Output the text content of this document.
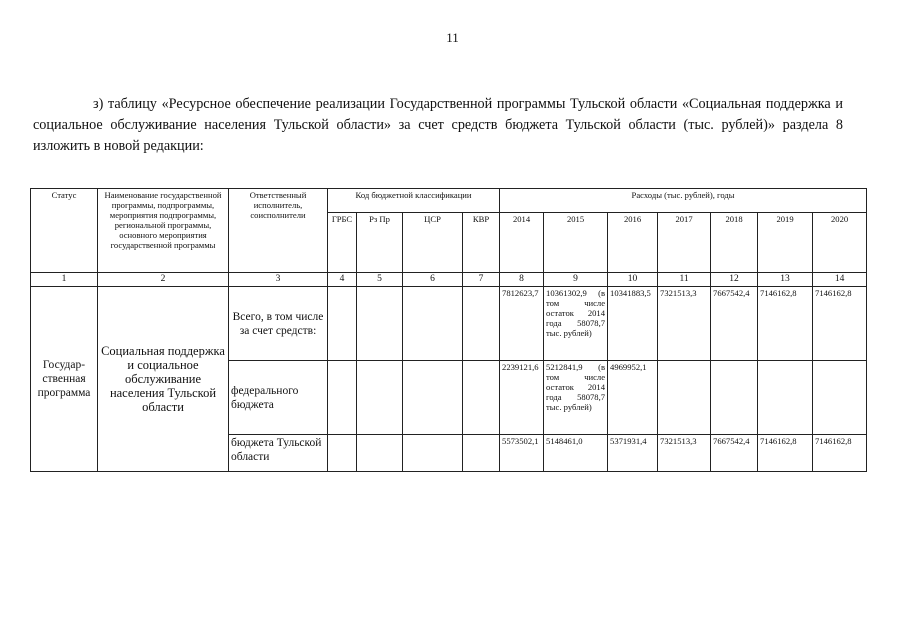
11

з) таблицу «Ресурсное обеспечение реализации Государственной программы Тульской области «Социальная поддержка и социальное обслуживание населения Тульской области» за счет средств бюджета Тульской области (тыс. рублей)» раздела 8 изложить в новой редакции:

Статус	Наименование государственной программы, подпрограммы, мероприятия подпрограммы, региональной программы, основного мероприятия государственной программы	Ответственный исполнитель, соисполнители	Код бюджетной классификации				Расходы (тыс. рублей), годы						
			ГРБС	Рз Пр	ЦСР	КВР	2014	2015	2016	2017	2018	2019	2020
1	2	3	4	5	6	7	8	9	10	11	12	13	14
Государ-ственная программа	Социальная поддержка и социальное обслуживание населения Тульской области	Всего, в том числе за счет средств:					7812623,7	10361302,9 (в том числе остаток 2014 года 58078,7 тыс. рублей)	10341883,5	7321513,3	7667542,4	7146162,8	7146162,8
		федерального бюджета					2239121,6	5212841,9 (в том числе остаток 2014 года 58078,7 тыс. рублей)	4969952,1				
		бюджета Тульской области					5573502,1	5148461,0	5371931,4	7321513,3	7667542,4	7146162,8	7146162,8
